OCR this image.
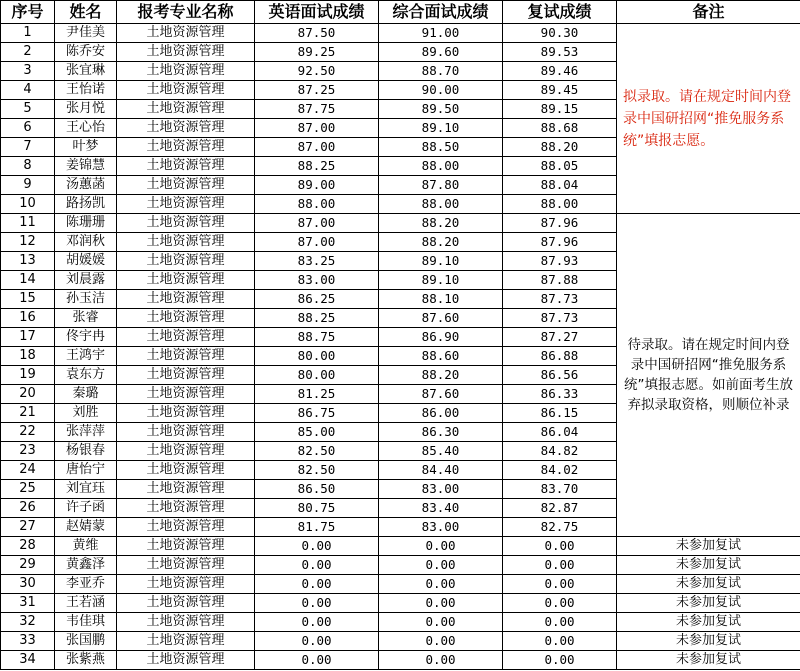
序号	姓名	报考专业名称	英语面试成绩	综合面试成绩	复试成绩	备注
1	尹佳美	土地资源管理	87.50	91.00	90.30	拟录取。请在规定时间内登录中国研招网“推免服务系统”填报志愿。
2	陈乔安	土地资源管理	89.25	89.60	89.53	
3	张宜琳	土地资源管理	92.50	88.70	89.46	
4	王怡诺	土地资源管理	87.25	90.00	89.45	
5	张月悦	土地资源管理	87.75	89.50	89.15	
6	王心怡	土地资源管理	87.00	89.10	88.68	
7	叶梦	土地资源管理	87.00	88.50	88.20	
8	姜锦慧	土地资源管理	88.25	88.00	88.05	
9	汤蕙菡	土地资源管理	89.00	87.80	88.04	
10	路扬凯	土地资源管理	88.00	88.00	88.00	
11	陈珊珊	土地资源管理	87.00	88.20	87.96	待录取。请在规定时间内登录中国研招网“推免服务系统”填报志愿。如前面考生放弃拟录取资格，则顺位补录
12	邓润秋	土地资源管理	87.00	88.20	87.96	
13	胡媛媛	土地资源管理	83.25	89.10	87.93	
14	刘晨露	土地资源管理	83.00	89.10	87.88	
15	孙玉洁	土地资源管理	86.25	88.10	87.73	
16	张睿	土地资源管理	88.25	87.60	87.73	
17	佟宇冉	土地资源管理	88.75	86.90	87.27	
18	王鸿宇	土地资源管理	80.00	88.60	86.88	
19	袁东方	土地资源管理	80.00	88.20	86.56	
20	秦璐	土地资源管理	81.25	87.60	86.33	
21	刘胜	土地资源管理	86.75	86.00	86.15	
22	张萍萍	土地资源管理	85.00	86.30	86.04	
23	杨银春	土地资源管理	82.50	85.40	84.82	
24	唐怡宁	土地资源管理	82.50	84.40	84.02	
25	刘宜珏	土地资源管理	86.50	83.00	83.70	
26	许子函	土地资源管理	80.75	83.40	82.87	
27	赵婧蒙	土地资源管理	81.75	83.00	82.75	
28	黄维	土地资源管理	0.00	0.00	0.00	未参加复试
29	黄鑫泽	土地资源管理	0.00	0.00	0.00	未参加复试
30	李亚乔	土地资源管理	0.00	0.00	0.00	未参加复试
31	王若涵	土地资源管理	0.00	0.00	0.00	未参加复试
32	韦佳琪	土地资源管理	0.00	0.00	0.00	未参加复试
33	张国鹏	土地资源管理	0.00	0.00	0.00	未参加复试
34	张紫燕	土地资源管理	0.00	0.00	0.00	未参加复试
